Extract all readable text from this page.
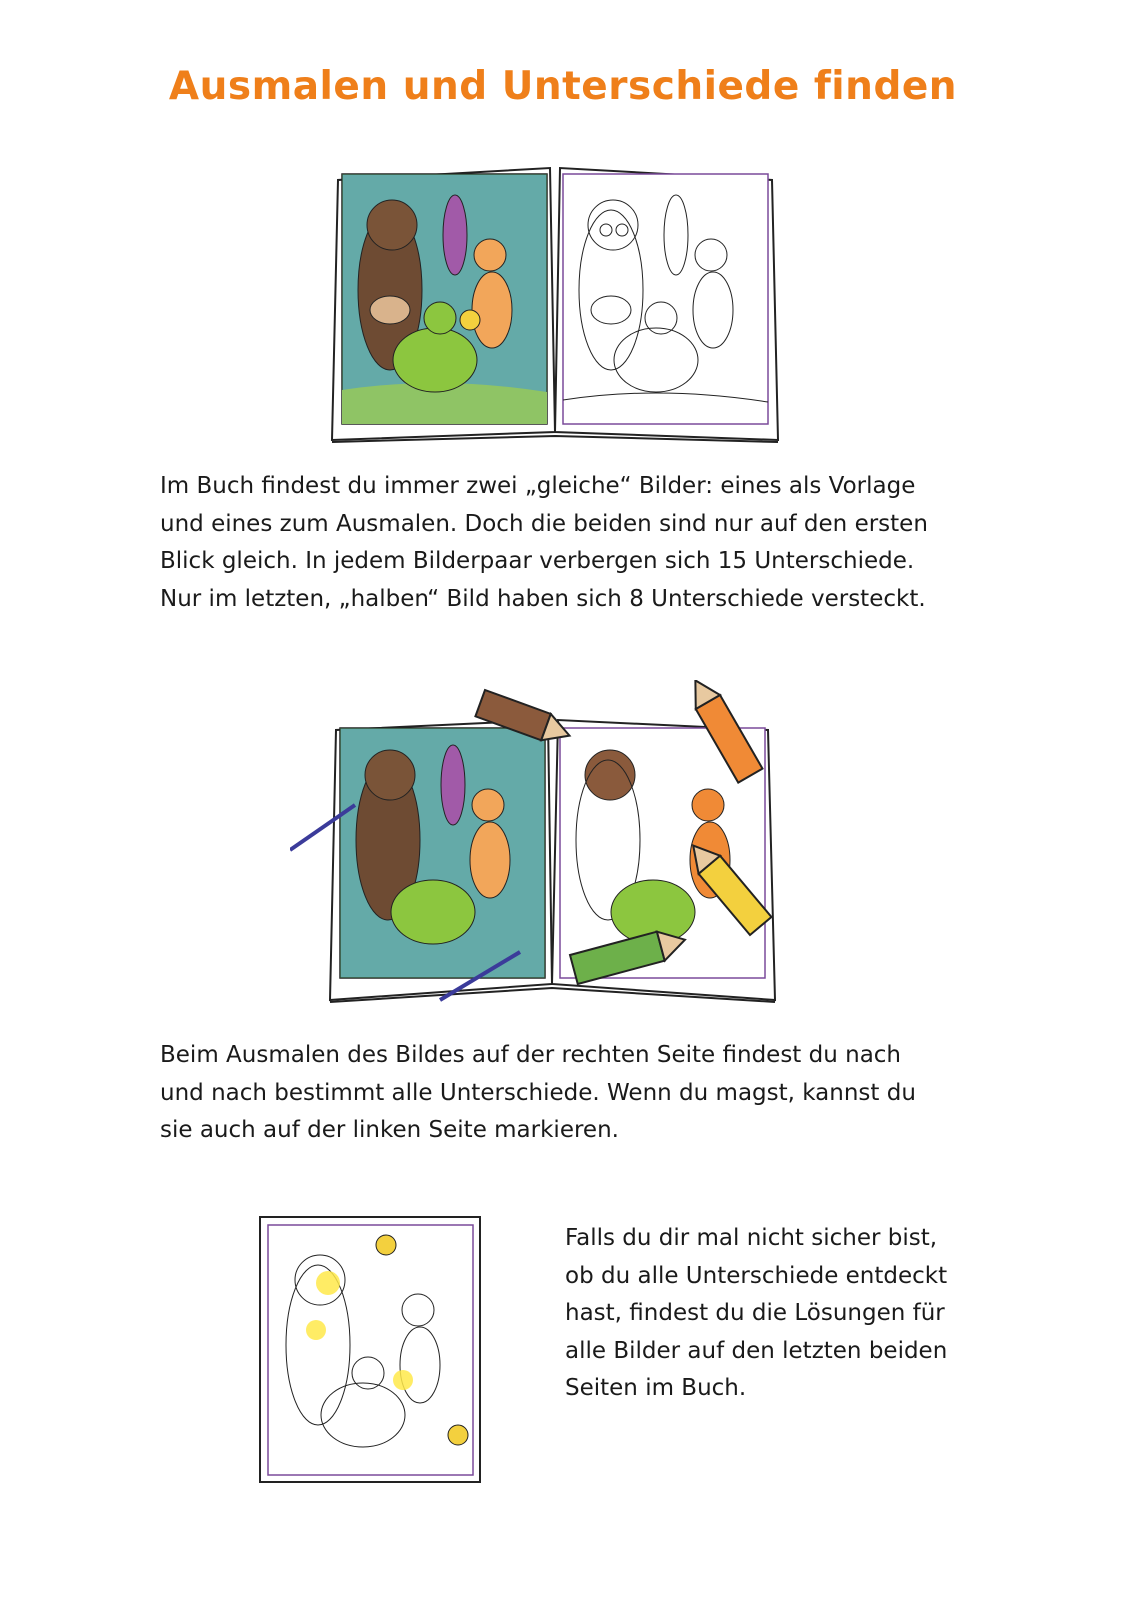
Ausmalen und Unterschiede finden
Im Buch findest du immer zwei „gleiche“ Bilder: eines als Vorlage
und eines zum Ausmalen. Doch die beiden sind nur auf den ersten
Blick gleich. In jedem Bilderpaar verbergen sich 15 Unterschiede.
Nur im letzten, „halben“ Bild haben sich 8 Unterschiede versteckt.
Beim Ausmalen des Bildes auf der rechten Seite findest du nach
und nach bestimmt alle Unterschiede. Wenn du magst, kannst du
sie auch auf der linken Seite markieren.
Falls du dir mal nicht sicher bist,
ob du alle Unterschiede entdeckt
hast, findest du die Lösungen für
alle Bilder auf den letzten beiden
Seiten im Buch.
